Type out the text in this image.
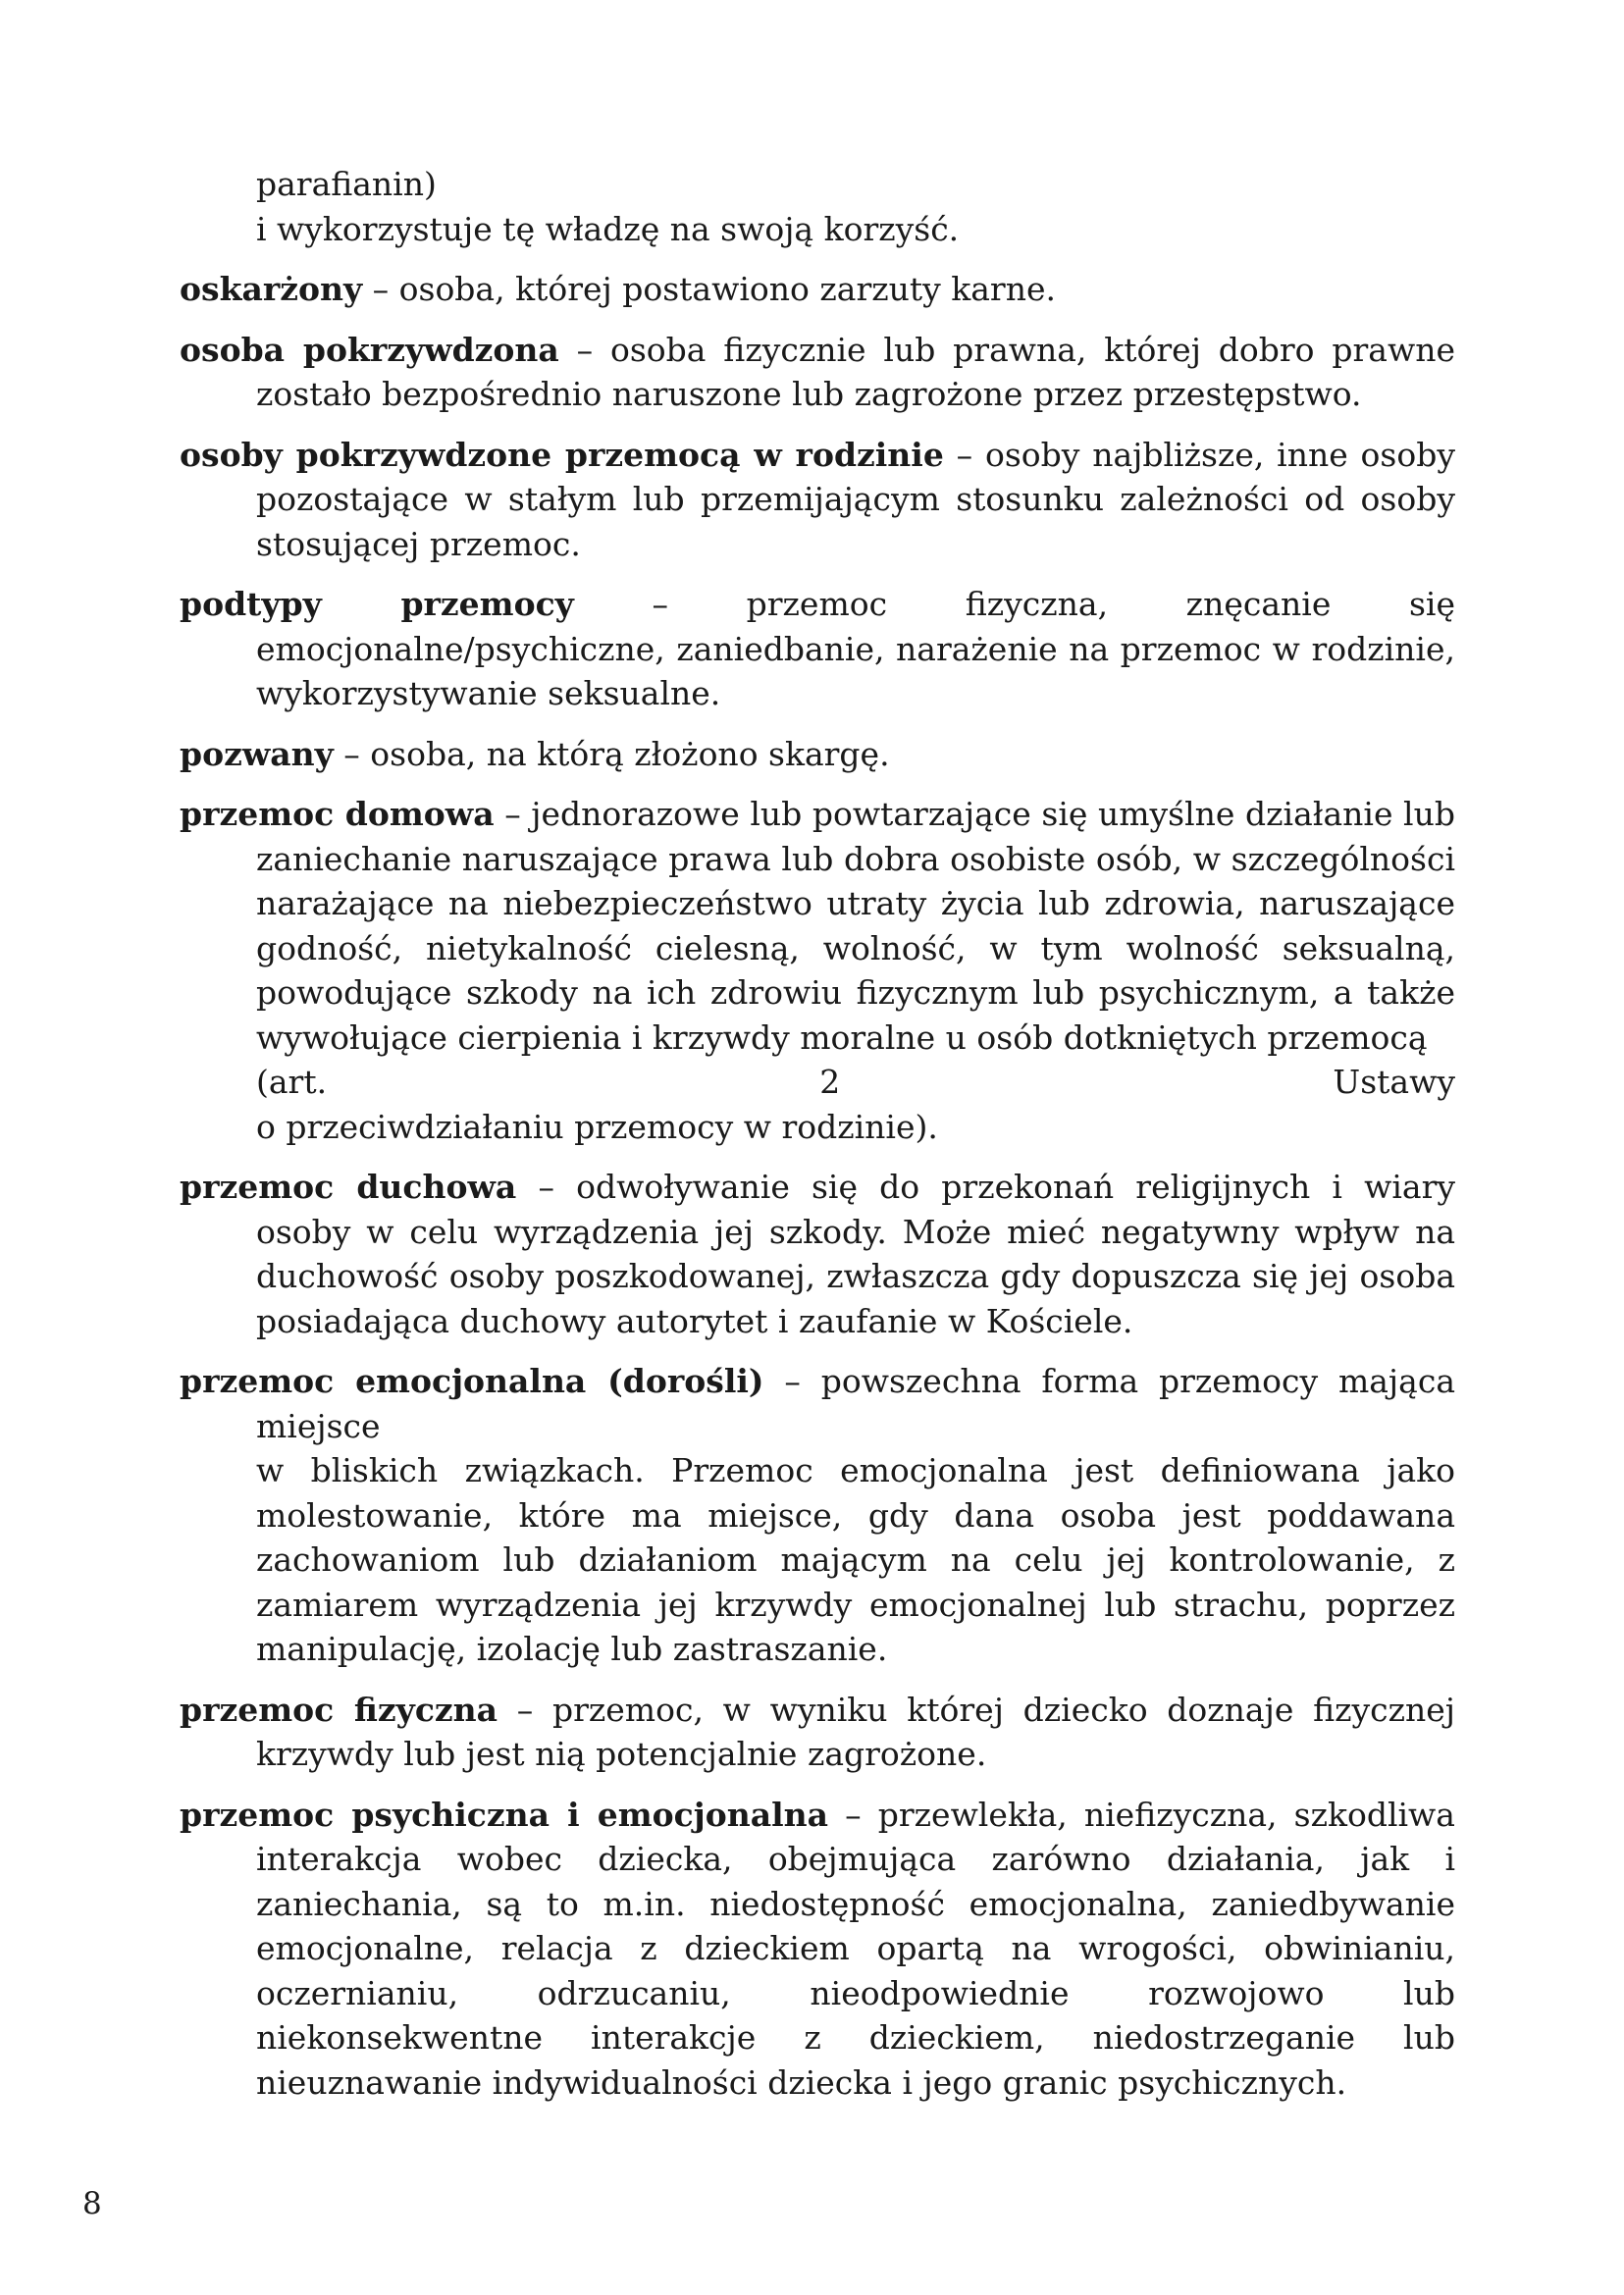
parafianin)
i wykorzystuje tę władzę na swoją korzyść.

oskarżony – osoba, której postawiono zarzuty karne.

osoba pokrzywdzona – osoba fizycznie lub prawna, której dobro prawne zostało bezpośrednio naruszone lub zagrożone przez przestępstwo.

osoby pokrzywdzone przemocą w rodzinie – osoby najbliższe, inne osoby pozostające w stałym lub przemijającym stosunku zależności od osoby stosującej przemoc.

podtypy przemocy – przemoc fizyczna, znęcanie się emocjonalne/psychiczne, zaniedbanie, narażenie na przemoc w rodzinie, wykorzystywanie seksualne.

pozwany – osoba, na którą złożono skargę.

przemoc domowa – jednorazowe lub powtarzające się umyślne działanie lub zaniechanie naruszające prawa lub dobra osobiste osób, w szczególności narażające na niebezpieczeństwo utraty życia lub zdrowia, naruszające godność, nietykalność cielesną, wolność, w tym wolność seksualną, powodujące szkody na ich zdrowiu fizycznym lub psychicznym, a także wywołujące cierpienia i krzywdy moralne u osób dotkniętych przemocą
(art.	2	Ustawy
o przeciwdziałaniu przemocy w rodzinie).

przemoc duchowa – odwoływanie się do przekonań religijnych i wiary osoby w celu wyrządzenia jej szkody. Może mieć negatywny wpływ na duchowość osoby poszkodowanej, zwłaszcza gdy dopuszcza się jej osoba posiadająca duchowy autorytet i zaufanie w Kościele.

przemoc emocjonalna (dorośli) – powszechna forma przemocy mająca miejsce
w bliskich związkach. Przemoc emocjonalna jest definiowana jako molestowanie, które ma miejsce, gdy dana osoba jest poddawana zachowaniom lub działaniom mającym na celu jej kontrolowanie, z zamiarem wyrządzenia jej krzywdy emocjonalnej lub strachu, poprzez manipulację, izolację lub zastraszanie.

przemoc fizyczna – przemoc, w wyniku której dziecko doznaje fizycznej krzywdy lub jest nią potencjalnie zagrożone.

przemoc psychiczna i emocjonalna – przewlekła, niefizyczna, szkodliwa interakcja wobec dziecka, obejmująca zarówno działania, jak i zaniechania, są to m.in. niedostępność emocjonalna, zaniedbywanie emocjonalne, relacja z dzieckiem opartą na wrogości, obwinianiu, oczernianiu, odrzucaniu, nieodpowiednie rozwojowo lub niekonsekwentne interakcje z dzieckiem, niedostrzeganie lub nieuznawanie indywidualności dziecka i jego granic psychicznych.

8
